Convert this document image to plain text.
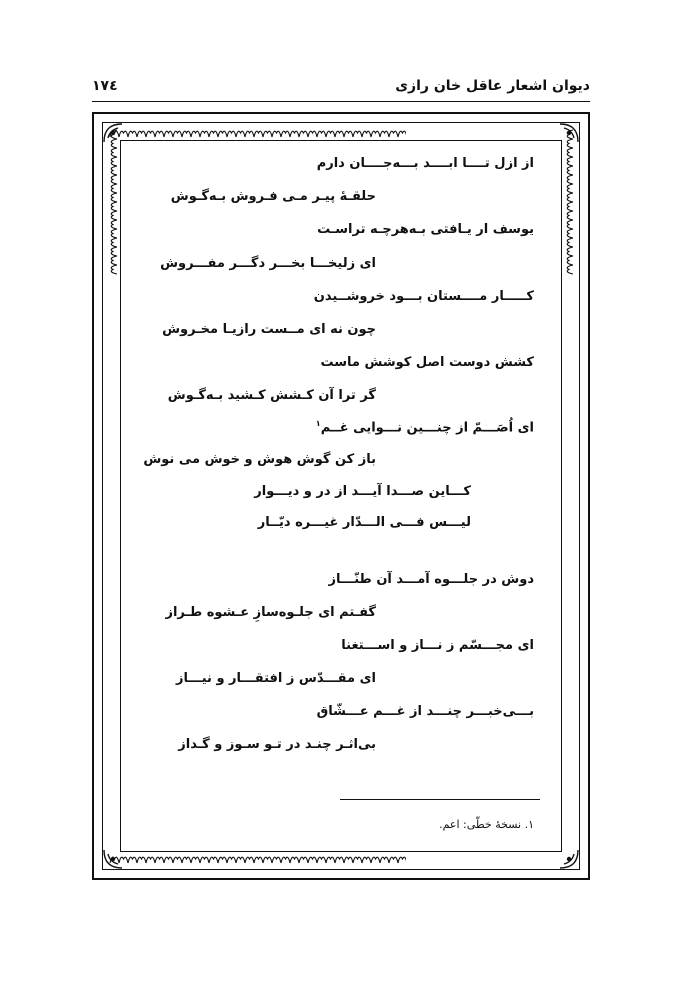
دیوان اشعار عاقل خان رازی
١٧٤
از ازل تــــا ابــــد بـــه‌جــــان دارم
حلقـهٔ پیـر مـی فـروش بـه‌گـوش
یوسف ار یـافتی بـه‌هرچـه تراسـت
ای زلیخـــا بخـــر دگـــر مفـــروش
کـــــار مــــستان بـــود خروشــیدن
چون نه ای مــست رازیـا مخـروش
کشش دوست اصل کوشش ماست
گر ترا آن کـشش کـشید بـه‌گـوش
ای اُصَـــمّ از چنـــین نـــوایی غــم$^١$
باز کن گوش هوش و خوش می نوش
کـــاین صـــدا آیـــد از در و دیـــوار
لیـــس فـــی الـــدّار غیـــره دیّــار
دوش در جلـــوه آمـــد آن طنّـــاز
گفـتم ای جلـوه‌سازِ عـشوه طـراز
ای مجـــسّم ز نـــاز و اســـتغنا
ای مقـــدّس ز افتقـــار و نیـــاز
بـــی‌خبـــر چنـــد از غـــم عـــشّاق
بی‌اثـر چنـد در تـو سـوز و گـداز
١. نسخهٔ خطّی: اعم.
